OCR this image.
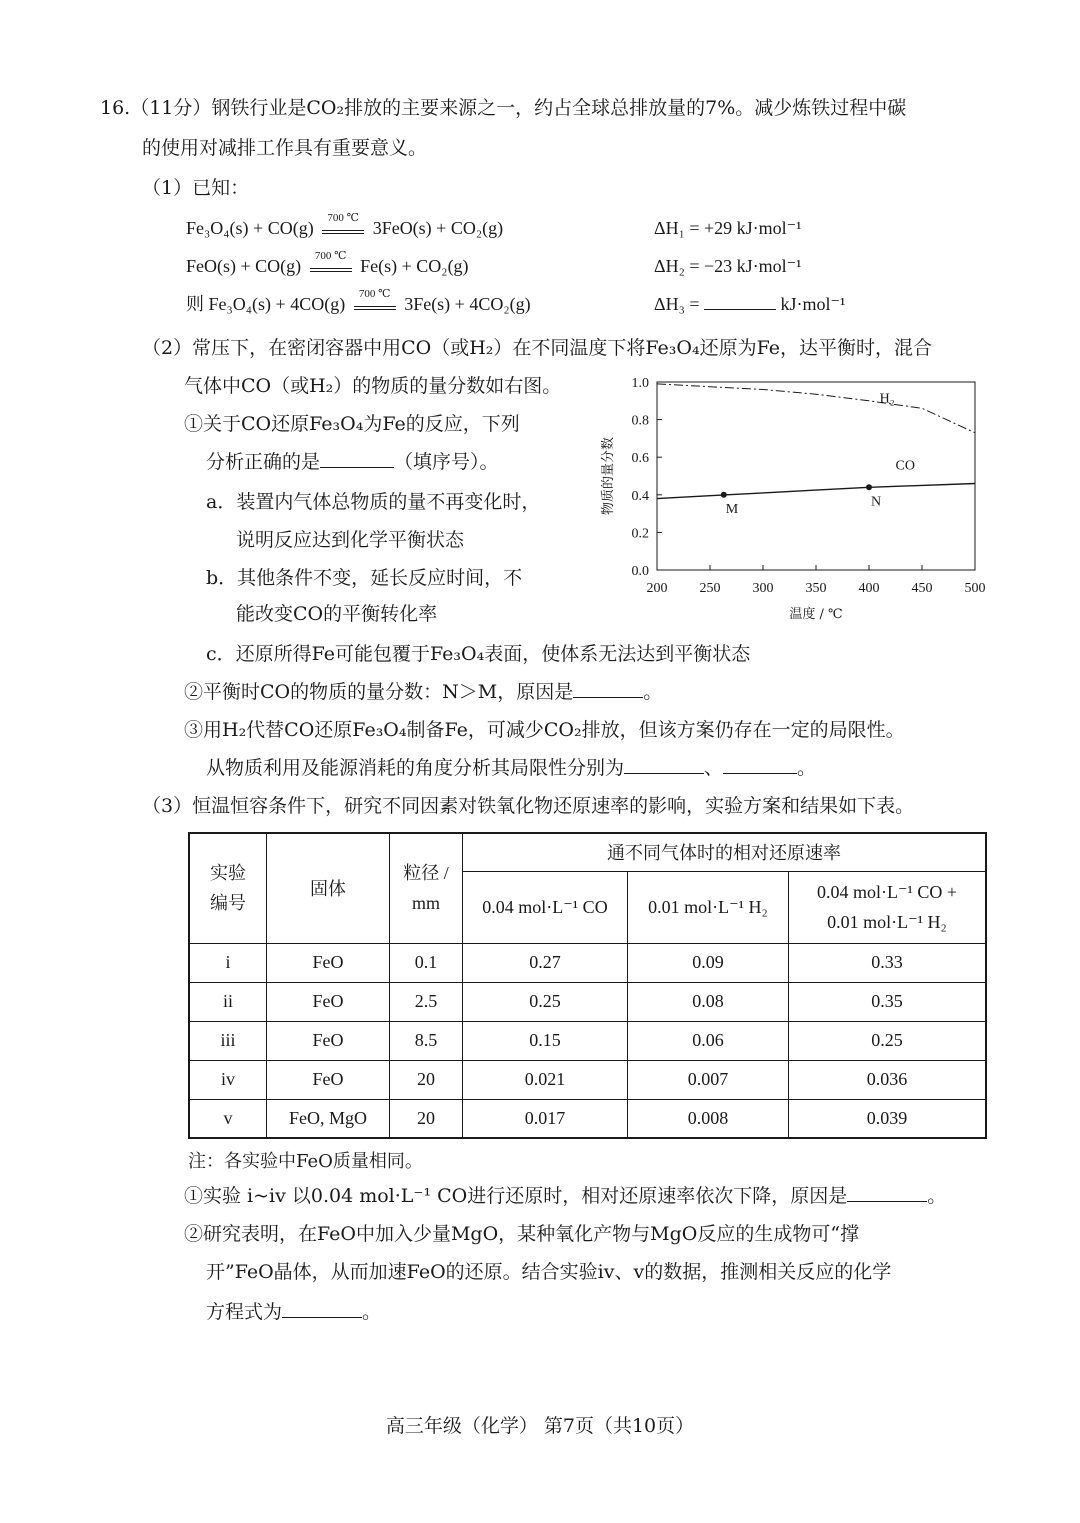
16.（11分）钢铁行业是CO₂排放的主要来源之一，约占全球总排放量的7%。减少炼铁过程中碳
的使用对减排工作具有重要意义。
（1）已知：
Fe₃O₄(s) + CO(g)	700 ℃ 3FeO(s) + CO₂(g)	ΔH₁ = +29 kJ·mol⁻¹
FeO(s) + CO(g)	700 ℃ Fe(s) + CO₂(g)	ΔH₂ = −23 kJ·mol⁻¹
则 Fe₃O₄(s) + 4CO(g)	700 ℃ 3Fe(s) + 4CO₂(g)	ΔH₃ =	kJ·mol⁻¹
（2）常压下，在密闭容器中用CO（或H₂）在不同温度下将Fe₃O₄还原为Fe，达平衡时，混合
气体中CO（或H₂）的物质的量分数如右图。
①关于CO还原Fe₃O₄为Fe的反应，下列
分析正确的是	（填序号）。
a．装置内气体总物质的量不再变化时，
说明反应达到化学平衡状态
b．其他条件不变，延长反应时间，不
能改变CO的平衡转化率
c．还原所得Fe可能包覆于Fe₃O₄表面，使体系无法达到平衡状态
②平衡时CO的物质的量分数：N＞M，原因是	。
③用H₂代替CO还原Fe₃O₄制备Fe，可减少CO₂排放，但该方案仍存在一定的局限性。
从物质利用及能源消耗的角度分析其局限性分别为	、	。
200 250 300 350 400 450 500
0.0
0.2
0.4
0.6
0.8
1.0
H₂
CO
M
N
物质的量分数
温度 / ℃
（3）恒温恒容条件下，研究不同因素对铁氧化物还原速率的影响，实验方案和结果如下表。
实验
编号	固体	粒径 /
mm	通不同气体时的相对还原速率		
			0.04 mol·L⁻¹ CO	0.01 mol·L⁻¹ H₂	0.04 mol·L⁻¹ CO +
0.01 mol·L⁻¹ H₂
i	FeO	0.1	0.27	0.09	0.33
ii	FeO	2.5	0.25	0.08	0.35
iii	FeO	8.5	0.15	0.06	0.25
iv	FeO	20	0.021	0.007	0.036
v	FeO, MgO	20	0.017	0.008	0.039
注：各实验中FeO质量相同。
①实验 i~iv 以0.04 mol·L⁻¹ CO进行还原时，相对还原速率依次下降，原因是	。
②研究表明，在FeO中加入少量MgO，某种氧化产物与MgO反应的生成物可“撑
开”FeO晶体，从而加速FeO的还原。结合实验iv、v的数据，推测相关反应的化学
方程式为	。
高三年级（化学） 第7页（共10页）
